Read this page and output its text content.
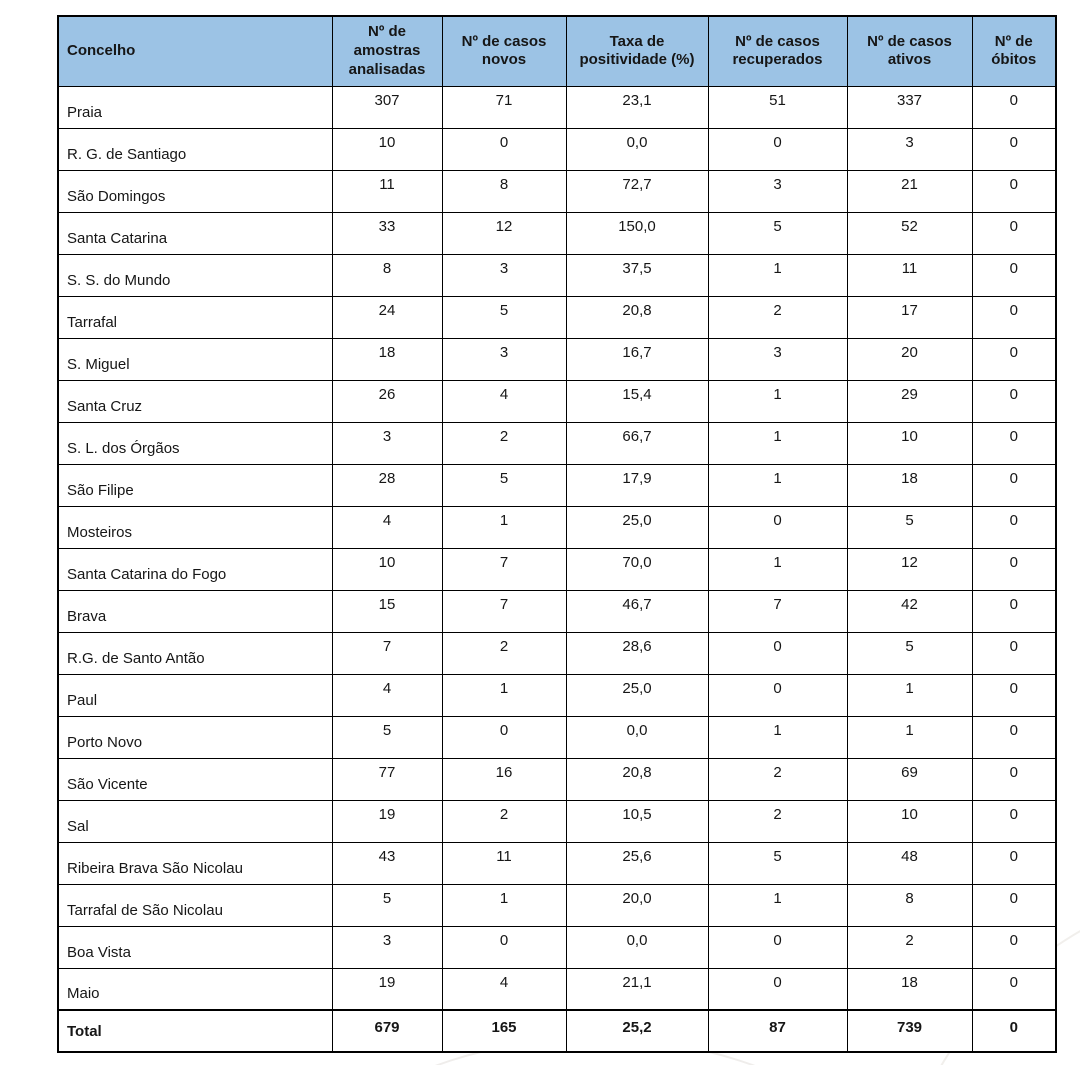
Concelho	Nº de amostras analisadas	Nº de casos novos	Taxa de positividade (%)	Nº de casos recuperados	Nº de casos ativos	Nº de óbitos
Praia	307	71	23,1	51	337	0
R. G. de Santiago	10	0	0,0	0	3	0
São Domingos	11	8	72,7	3	21	0
Santa Catarina	33	12	150,0	5	52	0
S. S. do Mundo	8	3	37,5	1	11	0
Tarrafal	24	5	20,8	2	17	0
S. Miguel	18	3	16,7	3	20	0
Santa Cruz	26	4	15,4	1	29	0
S. L. dos Órgãos	3	2	66,7	1	10	0
São Filipe	28	5	17,9	1	18	0
Mosteiros	4	1	25,0	0	5	0
Santa Catarina do Fogo	10	7	70,0	1	12	0
Brava	15	7	46,7	7	42	0
R.G. de Santo Antão	7	2	28,6	0	5	0
Paul	4	1	25,0	0	1	0
Porto Novo	5	0	0,0	1	1	0
São Vicente	77	16	20,8	2	69	0
Sal	19	2	10,5	2	10	0
Ribeira Brava São Nicolau	43	11	25,6	5	48	0
Tarrafal de São Nicolau	5	1	20,0	1	8	0
Boa Vista	3	0	0,0	0	2	0
Maio	19	4	21,1	0	18	0
Total	679	165	25,2	87	739	0
